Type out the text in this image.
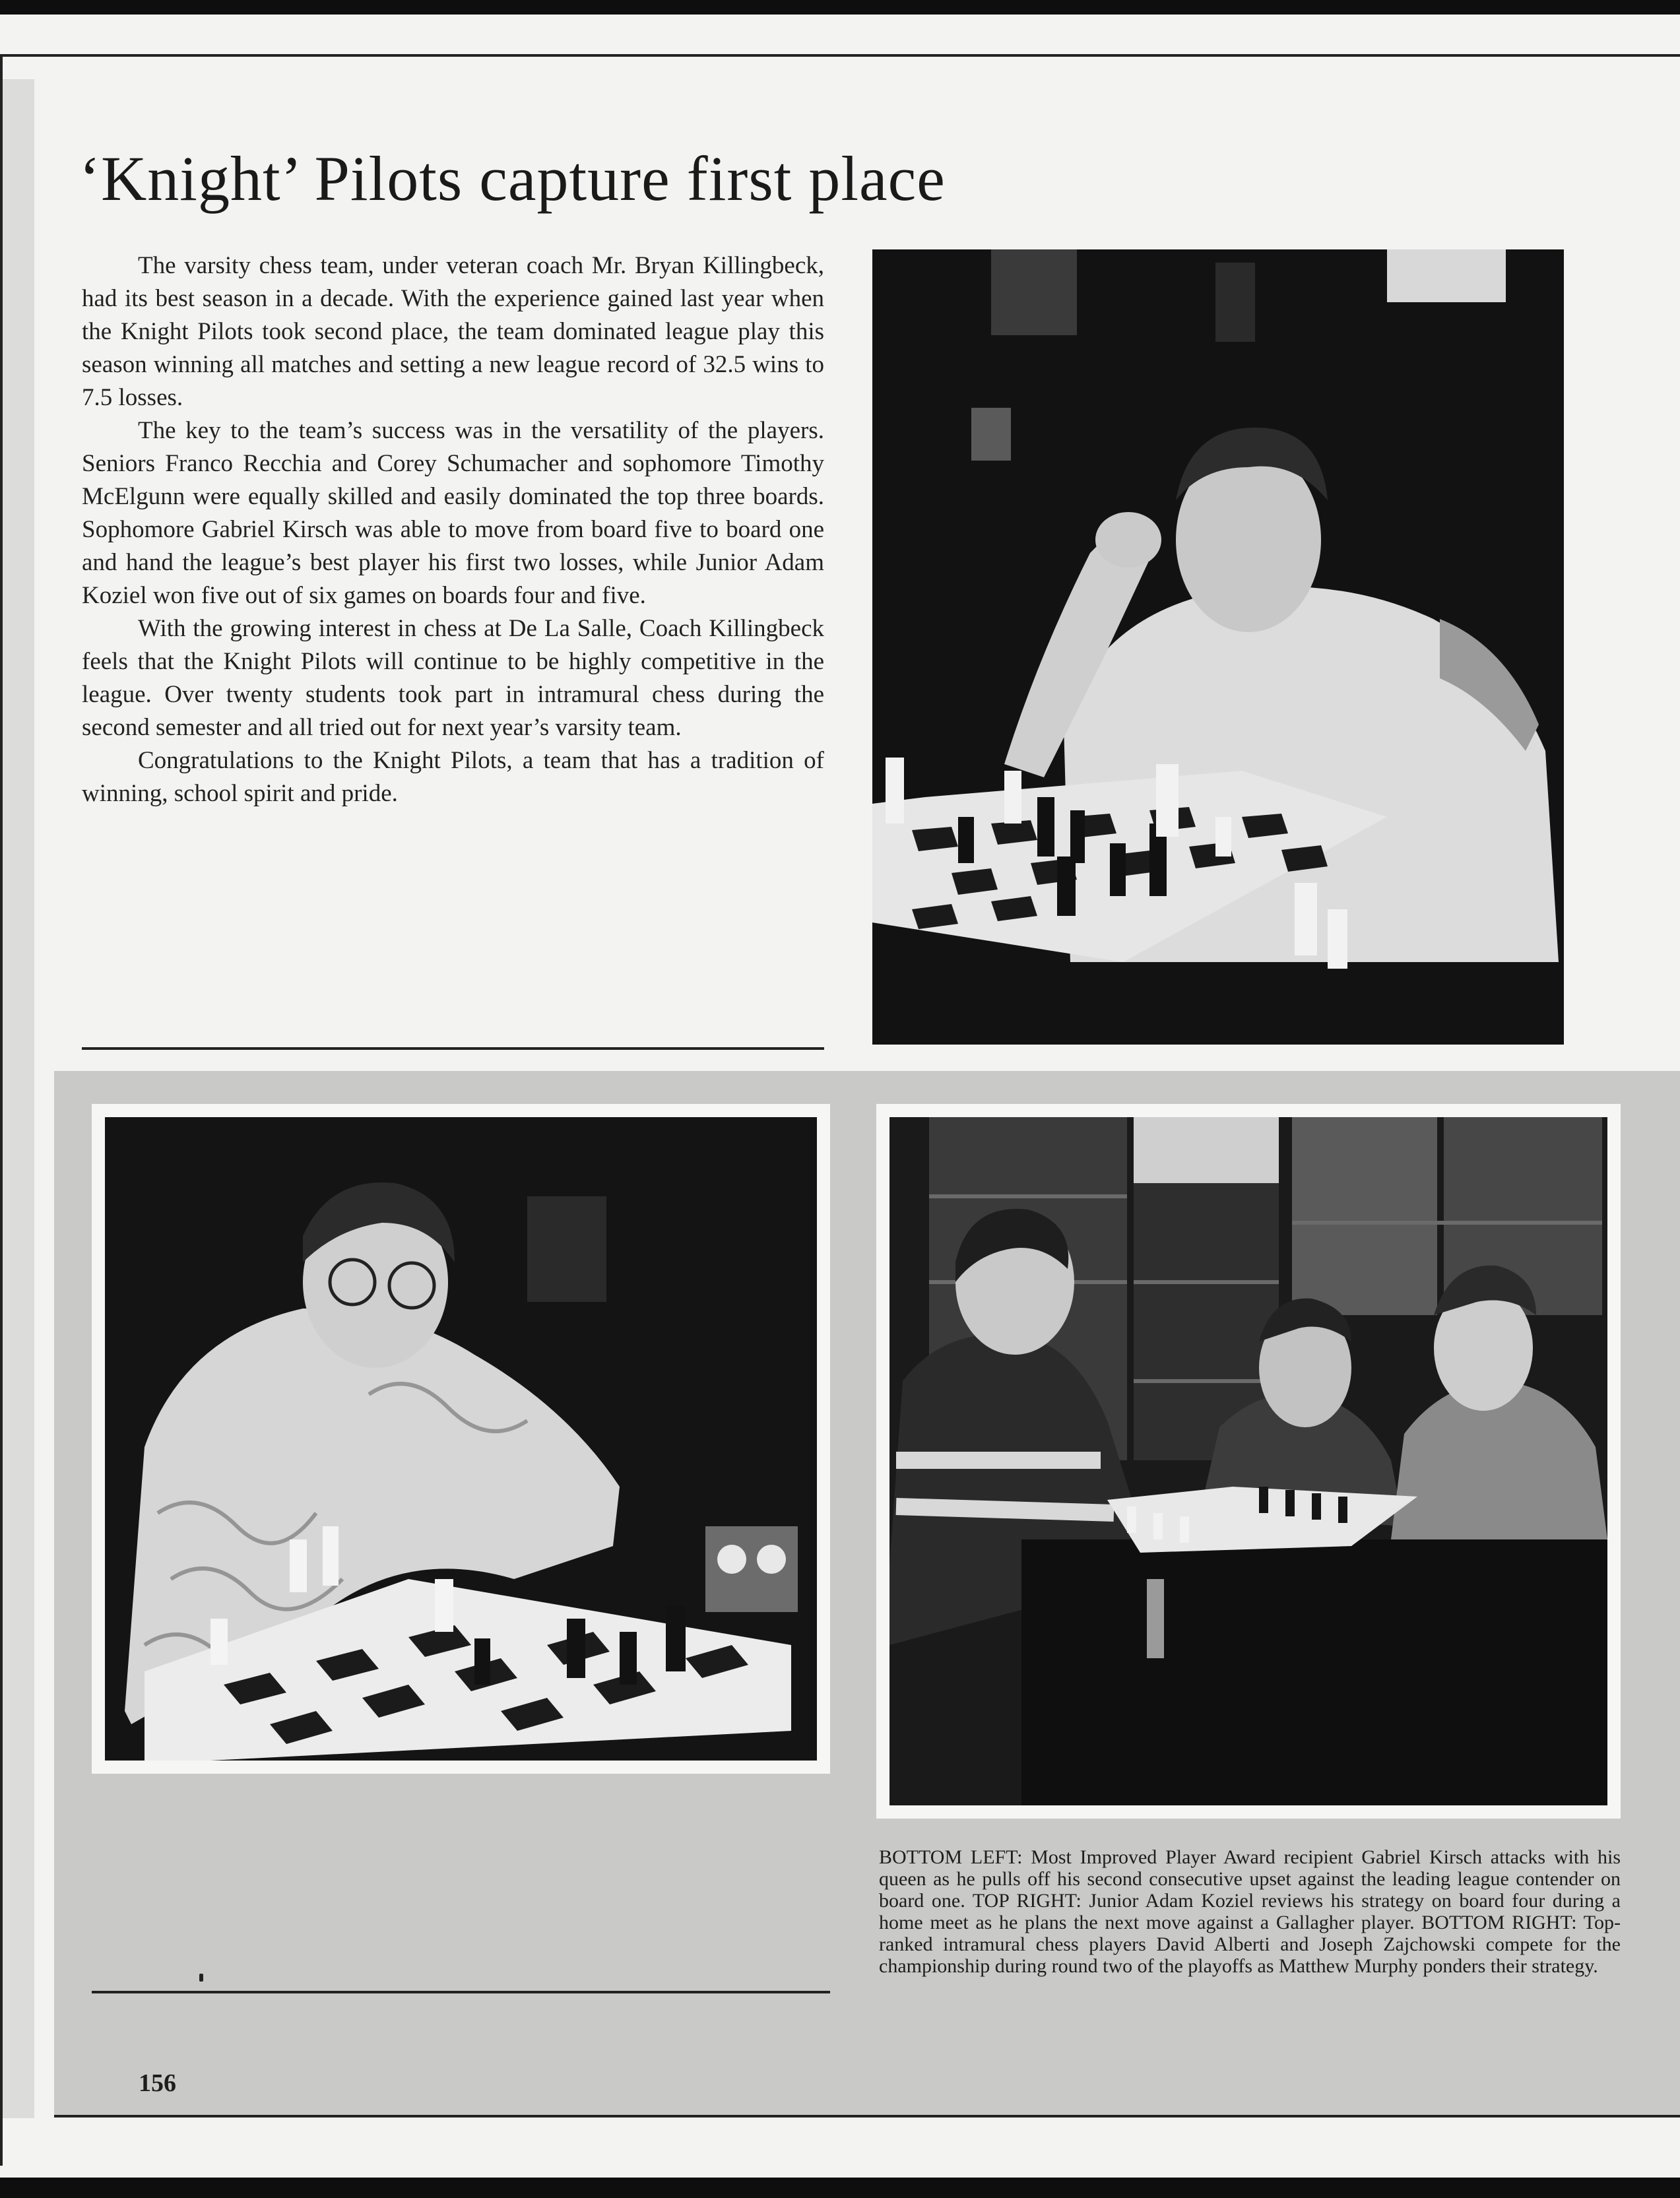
‘Knight’ Pilots capture first place

The varsity chess team, under veteran coach Mr. Bryan Killingbeck, had its best season in a decade. With the experience gained last year when the Knight Pilots took second place, the team dominated league play this season winning all matches and setting a new league record of 32.5 wins to 7.5 losses.

The key to the team’s success was in the versatility of the players. Seniors Franco Recchia and Corey Schumacher and sophomore Timothy McElgunn were equally skilled and easily dominated the top three boards. Sophomore Gabriel Kirsch was able to move from board five to board one and hand the league’s best player his first two losses, while Junior Adam Koziel won five out of six games on boards four and five.

With the growing interest in chess at De La Salle, Coach Killingbeck feels that the Knight Pilots will continue to be highly competitive in the league. Over twenty students took part in intramural chess during the second semester and all tried out for next year’s varsity team.

Congratulations to the Knight Pilots, a team that has a tradition of winning, school spirit and pride.

BOTTOM LEFT: Most Improved Player Award recipient Gabriel Kirsch attacks with his queen as he pulls off his second consecutive upset against the leading league contender on board one. TOP RIGHT: Junior Adam Koziel reviews his strategy on board four during a home meet as he plans the next move against a Gallagher player. BOTTOM RIGHT: Top-ranked intramural chess players David Alberti and Joseph Zajchowski compete for the championship during round two of the playoffs as Matthew Murphy ponders their strategy.

156
